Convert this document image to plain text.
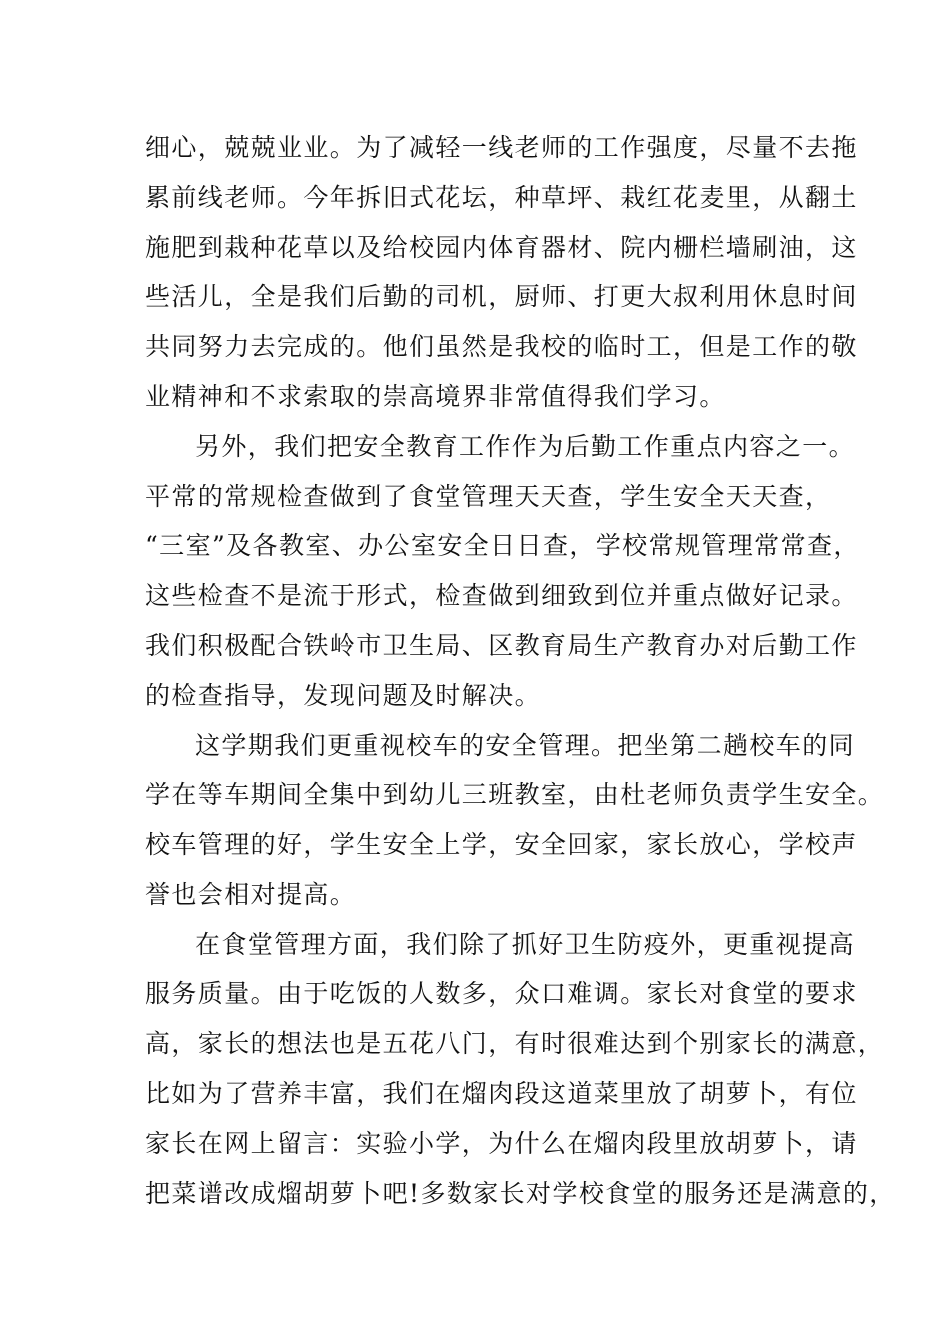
细心，兢兢业业。为了减轻一线老师的工作强度，尽量不去拖
累前线老师。今年拆旧式花坛，种草坪、栽红花麦里，从翻土
施肥到栽种花草以及给校园内体育器材、院内栅栏墙刷油，这
些活儿，全是我们后勤的司机，厨师、打更大叔利用休息时间
共同努力去完成的。他们虽然是我校的临时工，但是工作的敬
业精神和不求索取的崇高境界非常值得我们学习。
另外，我们把安全教育工作作为后勤工作重点内容之一。
平常的常规检查做到了食堂管理天天查，学生安全天天查，
“三室”及各教室、办公室安全日日查，学校常规管理常常查，
这些检查不是流于形式，检查做到细致到位并重点做好记录。
我们积极配合铁岭市卫生局、区教育局生产教育办对后勤工作
的检查指导，发现问题及时解决。
这学期我们更重视校车的安全管理。把坐第二趟校车的同
学在等车期间全集中到幼儿三班教室，由杜老师负责学生安全。
校车管理的好，学生安全上学，安全回家，家长放心，学校声
誉也会相对提高。
在食堂管理方面，我们除了抓好卫生防疫外，更重视提高
服务质量。由于吃饭的人数多，众口难调。家长对食堂的要求
高，家长的想法也是五花八门，有时很难达到个别家长的满意，
比如为了营养丰富，我们在熘肉段这道菜里放了胡萝卜，有位
家长在网上留言：实验小学，为什么在熘肉段里放胡萝卜，请
把菜谱改成熘胡萝卜吧!多数家长对学校食堂的服务还是满意的，
